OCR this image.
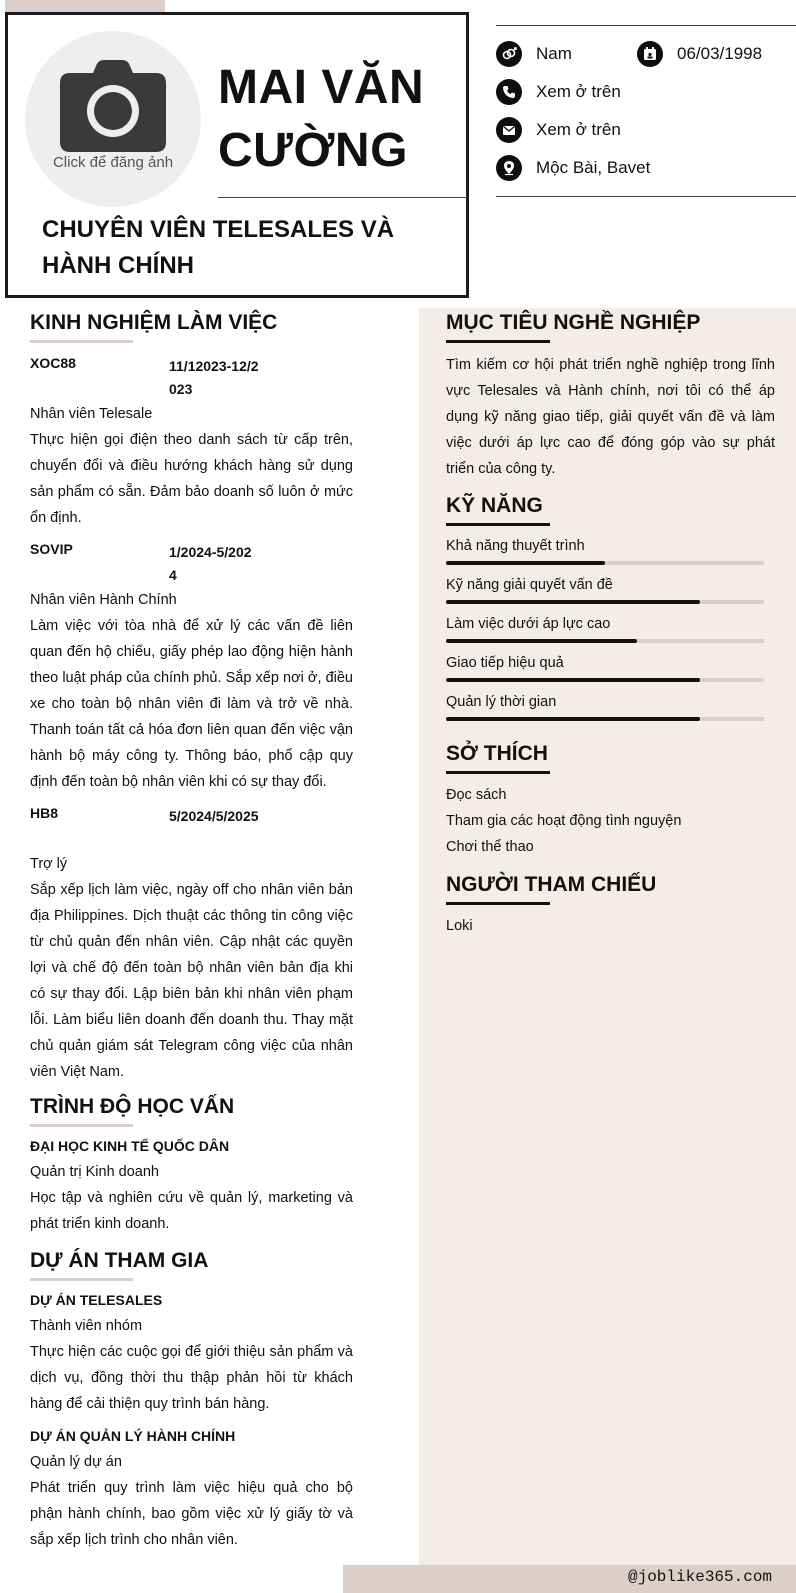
Click để đăng ảnh
MAI VĂN CƯỜNG
CHUYÊN VIÊN TELESALES VÀ HÀNH CHÍNH
Nam	06/03/1998
Xem ở trên
Xem ở trên
Mộc Bài, Bavet
KINH NGHIỆM LÀM VIỆC
XOC88	11/12023-12/2023
Nhân viên Telesale
Thực hiện gọi điện theo danh sách từ cấp trên, chuyển đổi và điều hướng khách hàng sử dụng sản phẩm có sẵn. Đảm bảo doanh số luôn ở mức ổn định.
SOVIP	1/2024-5/2024
Nhân viên Hành Chính
Làm việc với tòa nhà để xử lý các vấn đề liên quan đến hộ chiếu, giấy phép lao động hiện hành theo luật pháp của chính phủ. Sắp xếp nơi ở, điều xe cho toàn bộ nhân viên đi làm và trở về nhà. Thanh toán tất cả hóa đơn liên quan đến việc vận hành bộ máy công ty. Thông báo, phổ cập quy định đến toàn bộ nhân viên khi có sự thay đổi.
HB8	5/2024/5/2025
Trợ lý
Sắp xếp lịch làm việc, ngày off cho nhân viên bản địa Philippines. Dịch thuật các thông tin công việc từ chủ quản đến nhân viên. Cập nhật các quyền lợi và chế độ đến toàn bộ nhân viên bản địa khi có sự thay đổi. Lập biên bản khi nhân viên phạm lỗi. Làm biểu liên doanh đến doanh thu. Thay mặt chủ quản giám sát Telegram công việc của nhân viên Việt Nam.
TRÌNH ĐỘ HỌC VẤN
ĐẠI HỌC KINH TẾ QUỐC DÂN
Quản trị Kinh doanh
Học tập và nghiên cứu về quản lý, marketing và phát triển kinh doanh.
DỰ ÁN THAM GIA
DỰ ÁN TELESALES
Thành viên nhóm
Thực hiện các cuộc gọi để giới thiệu sản phẩm và dịch vụ, đồng thời thu thập phản hồi từ khách hàng để cải thiện quy trình bán hàng.
DỰ ÁN QUẢN LÝ HÀNH CHÍNH
Quản lý dự án
Phát triển quy trình làm việc hiệu quả cho bộ phận hành chính, bao gồm việc xử lý giấy tờ và sắp xếp lịch trình cho nhân viên.
MỤC TIÊU NGHỀ NGHIỆP
Tìm kiếm cơ hội phát triển nghề nghiệp trong lĩnh vực Telesales và Hành chính, nơi tôi có thể áp dụng kỹ năng giao tiếp, giải quyết vấn đề và làm việc dưới áp lực cao để đóng góp vào sự phát triển của công ty.
KỸ NĂNG
Khả năng thuyết trình
Kỹ năng giải quyết vấn đề
Làm việc dưới áp lực cao
Giao tiếp hiệu quả
Quản lý thời gian
SỞ THÍCH
Đọc sách
Tham gia các hoạt động tình nguyện
Chơi thể thao
NGƯỜI THAM CHIẾU
Loki
@joblike365.com
